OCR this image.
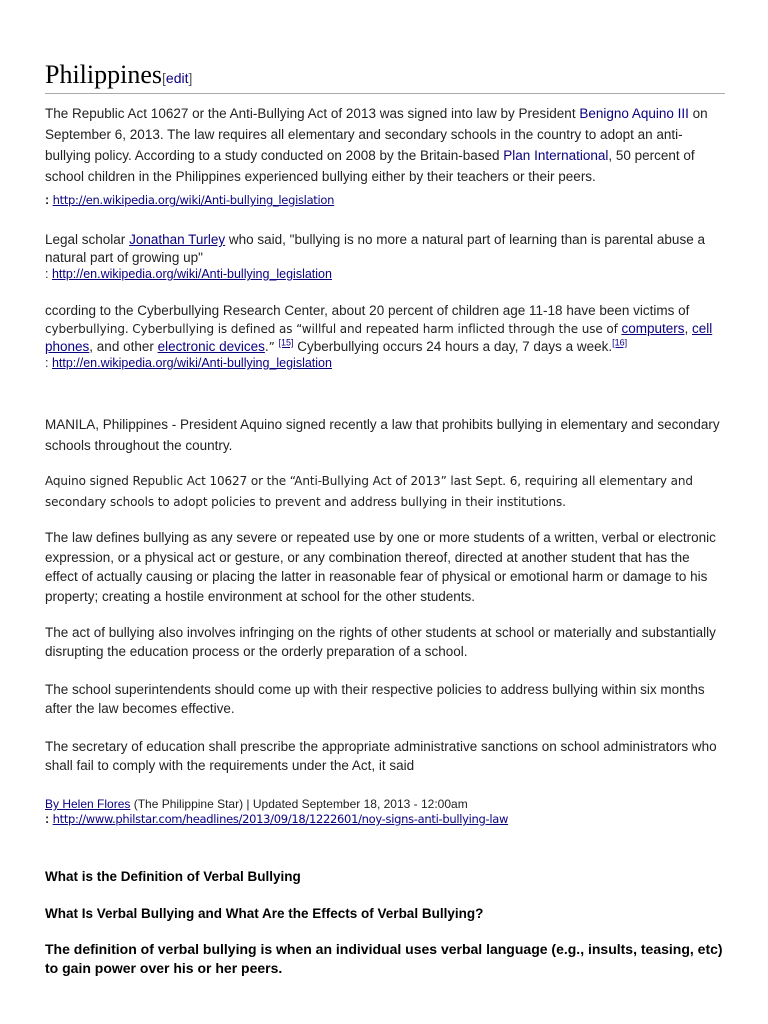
Philippines[edit]
The Republic Act 10627 or the Anti-Bullying Act of 2013 was signed into law by President Benigno Aquino III on September 6, 2013. The law requires all elementary and secondary schools in the country to adopt an anti-bullying policy. According to a study conducted on 2008 by the Britain-based Plan International, 50 percent of school children in the Philippines experienced bullying either by their teachers or their peers.
: http://en.wikipedia.org/wiki/Anti-bullying_legislation
Legal scholar Jonathan Turley who said, "bullying is no more a natural part of learning than is parental abuse a natural part of growing up"
: http://en.wikipedia.org/wiki/Anti-bullying_legislation
ccording to the Cyberbullying Research Center, about 20 percent of children age 11-18 have been victims of
cyberbullying. Cyberbullying is defined as “willful and repeated harm inflicted through the use of computers, cell phones, and other electronic devices.” [15] Cyberbullying occurs 24 hours a day, 7 days a week.[16]
: http://en.wikipedia.org/wiki/Anti-bullying_legislation
MANILA, Philippines - President Aquino signed recently a law that prohibits bullying in elementary and secondary schools throughout the country.
Aquino signed Republic Act 10627 or the “Anti-Bullying Act of 2013” last Sept. 6, requiring all elementary and secondary schools to adopt policies to prevent and address bullying in their institutions.
The law defines bullying as any severe or repeated use by one or more students of a written, verbal or electronic expression, or a physical act or gesture, or any combination thereof, directed at another student that has the effect of actually causing or placing the latter in reasonable fear of physical or emotional harm or damage to his property; creating a hostile environment at school for the other students.
The act of bullying also involves infringing on the rights of other students at school or materially and substantially disrupting the education process or the orderly preparation of a school.
The school superintendents should come up with their respective policies to address bullying within six months after the law becomes effective.
The secretary of education shall prescribe the appropriate administrative sanctions on school administrators who shall fail to comply with the requirements under the Act, it said
By Helen Flores (The Philippine Star) | Updated September 18, 2013 - 12:00am
: http://www.philstar.com/headlines/2013/09/18/1222601/noy-signs-anti-bullying-law
What is the Definition of Verbal Bullying
What Is Verbal Bullying and What Are the Effects of Verbal Bullying?
The definition of verbal bullying is when an individual uses verbal language (e.g., insults, teasing, etc) to gain power over his or her peers.
